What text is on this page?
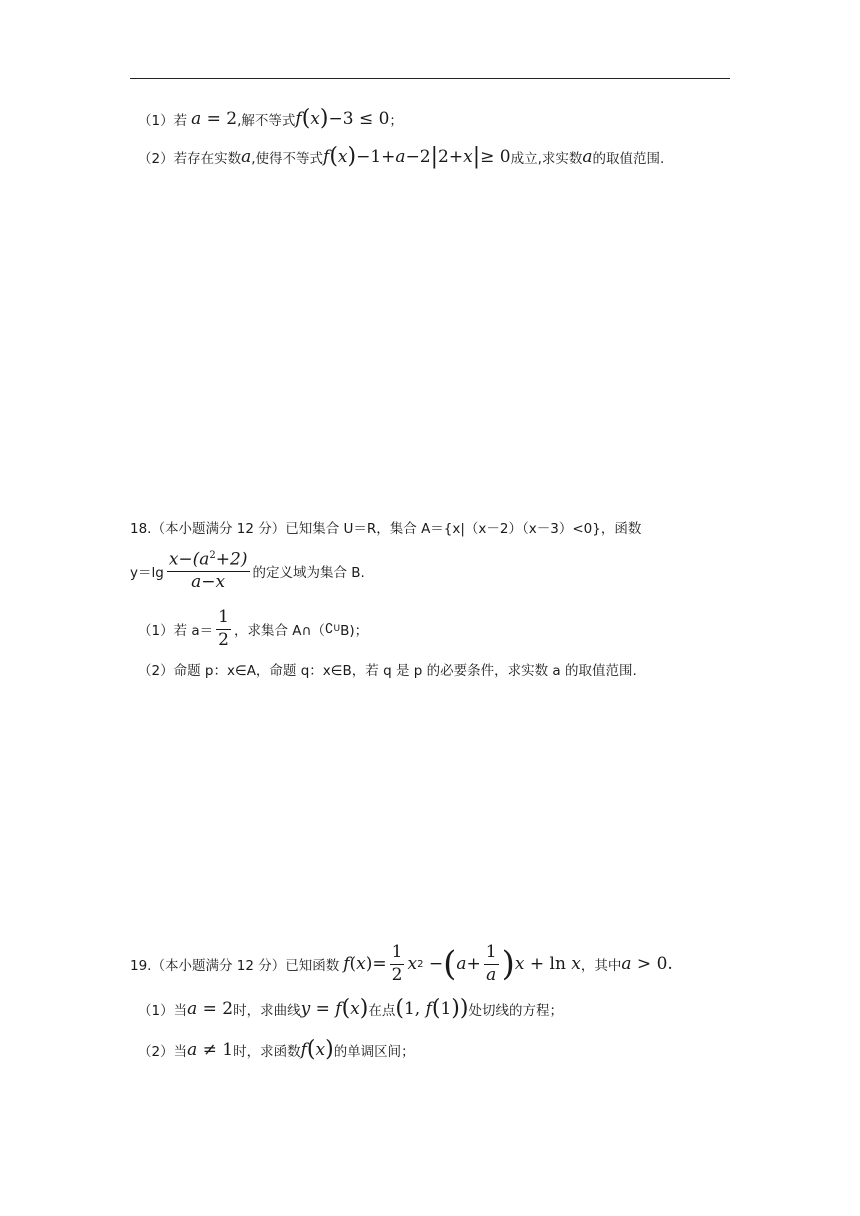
（1）若 a = 2 ,解不等式 f ( x ) −3 ≤ 0 ；
（2）若存在实数 a ,使得不等式 f ( x ) −1+ a −2 | 2+ x | ≥ 0 成立,求实数 a 的取值范围.
18.（本小题满分 12 分）已知集合 U＝R，集合 A＝{x|（x－2）（x－3）<0}，函数
$y=\lg \frac{x-(a^2+2)}{a-x}$ 的定义域为集合 B.
（1）若 $a= \frac{1}{2}$ ，求集合 A∩（ ∁ U B)；
（2）命题 p：x∈A，命题 q：x∈B，若 q 是 p 的必要条件，求实数 a 的取值范围.
19.（本小题满分 12 分）已知函数 f ( x )= $\frac{1}{2}$ x 2 − ( $a + \frac{1}{a}$ ) x + ln x ，其中 a > 0.
（1）当 a = 2 时，求曲线 y = f ( x ) 在点 ( 1, f ( 1 )) 处切线的方程；
（2）当 a ≠ 1 时，求函数 f ( x ) 的单调区间；
